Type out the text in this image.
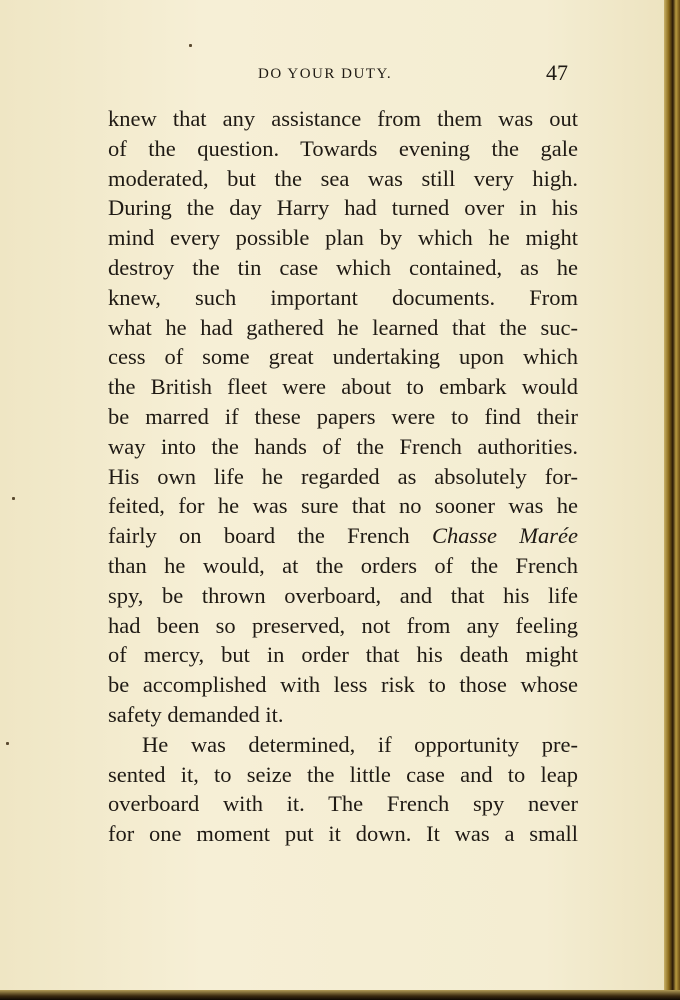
DO YOUR DUTY.	47
knew that any assistance from them was out
of the question. Towards evening the gale
moderated, but the sea was still very high.
During the day Harry had turned over in his
mind every possible plan by which he might
destroy the tin case which contained, as he
knew, such important documents. From
what he had gathered he learned that the suc-
cess of some great undertaking upon which
the British fleet were about to embark would
be marred if these papers were to find their
way into the hands of the French authorities.
His own life he regarded as absolutely for-
feited, for he was sure that no sooner was he
fairly on board the French Chasse Marée
than he would, at the orders of the French
spy, be thrown overboard, and that his life
had been so preserved, not from any feeling
of mercy, but in order that his death might
be accomplished with less risk to those whose
safety demanded it.
He was determined, if opportunity pre-
sented it, to seize the little case and to leap
overboard with it. The French spy never
for one moment put it down. It was a small
